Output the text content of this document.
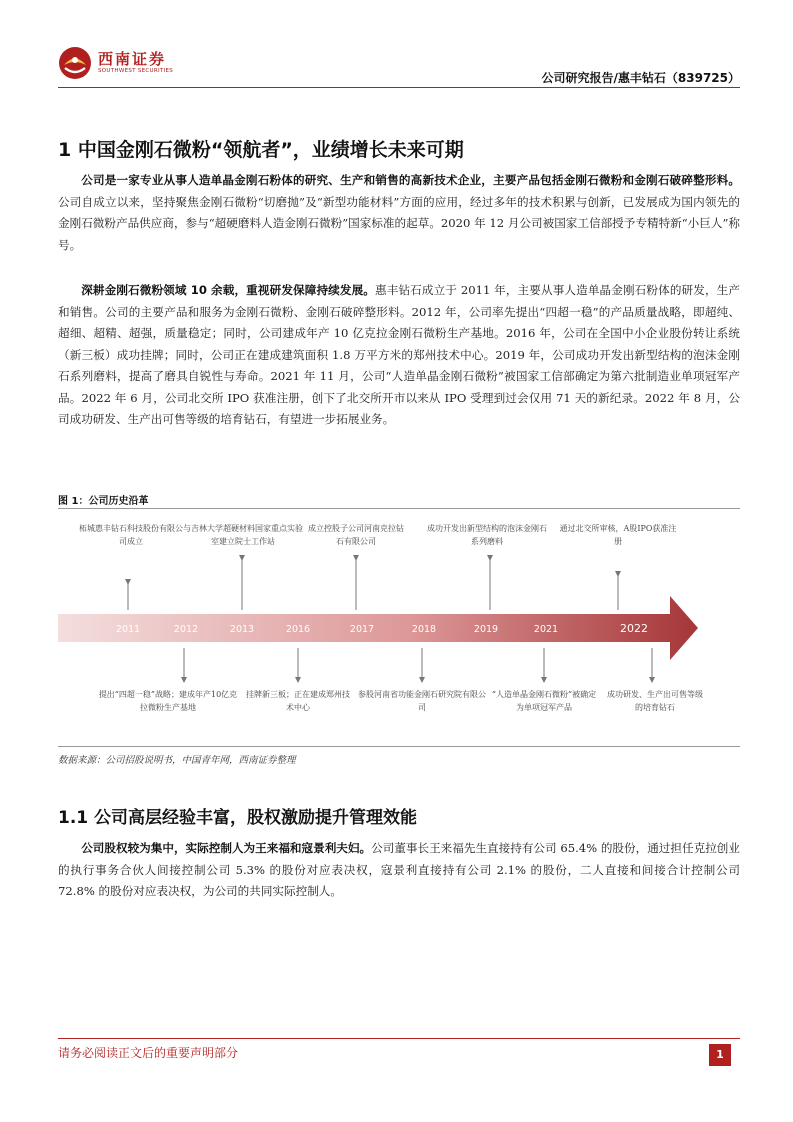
西南证券
SOUTHWEST SECURITIES	公司研究报告/惠丰钻石（839725）
1 中国金刚石微粉“领航者”，业绩增长未来可期

公司是一家专业从事人造单晶金刚石粉体的研究、生产和销售的高新技术企业，主要产品包括金刚石微粉和金刚石破碎整形料。公司自成立以来，坚持聚焦金刚石微粉“切磨抛”及“新型功能材料”方面的应用，经过多年的技术积累与创新，已发展成为国内领先的金刚石微粉产品供应商，参与“超硬磨料人造金刚石微粉”国家标准的起草。2020 年 12 月公司被国家工信部授予专精特新“小巨人”称号。

深耕金刚石微粉领域 10 余载，重视研发保障持续发展。惠丰钻石成立于 2011 年，主要从事人造单晶金刚石粉体的研发，生产和销售。公司的主要产品和服务为金刚石微粉、金刚石破碎整形料。2012 年，公司率先提出“四超一稳”的产品质量战略，即超纯、超细、超精、超强，质量稳定；同时，公司建成年产 10 亿克拉金刚石微粉生产基地。2016 年，公司在全国中小企业股份转让系统（新三板）成功挂牌；同时，公司正在建成建筑面积 1.8 万平方米的郑州技术中心。2019 年，公司成功开发出新型结构的泡沫金刚石系列磨料，提高了磨具自锐性与寿命。2021 年 11 月，公司“人造单晶金刚石微粉”被国家工信部确定为第六批制造业单项冠军产品。2022 年 6 月，公司北交所 IPO 获准注册，创下了北交所开市以来从 IPO 受理到过会仅用 71 天的新纪录。2022 年 8 月，公司成功研发、生产出可售等级的培育钻石，有望进一步拓展业务。

图 1：公司历史沿革
2011	2012	2013	2016	2017	2018	2019	2021	2022
柘城惠丰钻石科技股份有限公司成立
与吉林大学超硬材料国家重点实验室建立院士工作站
成立控股子公司河南克拉钻石有限公司
成功开发出新型结构的泡沫金刚石系列磨料
通过北交所审核，A股IPO获准注册
提出“四超一稳”战略；建成年产10亿克拉微粉生产基地
挂牌新三板；正在建成郑州技术中心
参股河南省功能金刚石研究院有限公司
“人造单晶金刚石微粉”被确定为单项冠军产品
成功研发、生产出可售等级的培育钻石
数据来源：公司招股说明书，中国青年网，西南证券整理
1.1 公司高层经验丰富，股权激励提升管理效能

公司股权较为集中，实际控制人为王来福和寇景利夫妇。公司董事长王来福先生直接持有公司 65.4% 的股份，通过担任克拉创业的执行事务合伙人间接控制公司 5.3% 的股份对应表决权，寇景利直接持有公司 2.1% 的股份，二人直接和间接合计控制公司 72.8% 的股份对应表决权，为公司的共同实际控制人。

请务必阅读正文后的重要声明部分	1
